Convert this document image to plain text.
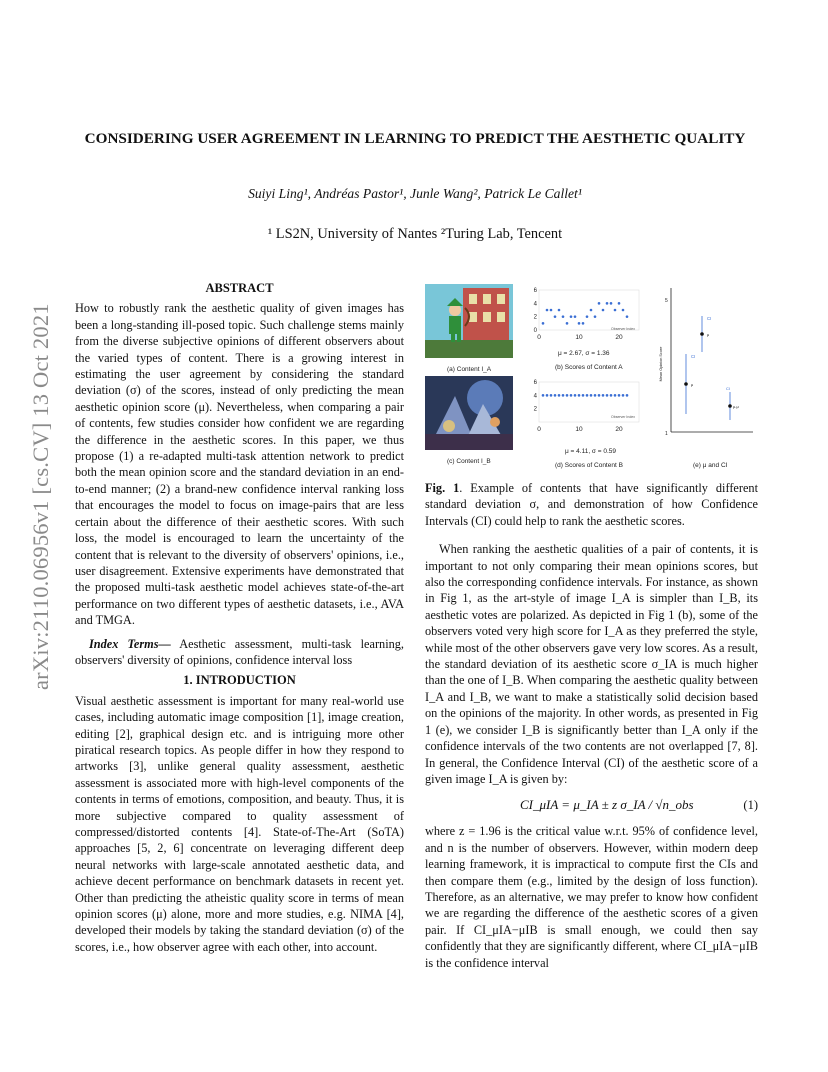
arXiv:2110.06956v1 [cs.CV] 13 Oct 2021
CONSIDERING USER AGREEMENT IN LEARNING TO PREDICT THE AESTHETIC QUALITY
Suiyi Ling¹, Andréas Pastor¹, Junle Wang², Patrick Le Callet¹
¹ LS2N, University of Nantes ²Turing Lab, Tencent
ABSTRACT

How to robustly rank the aesthetic quality of given images has been a long-standing ill-posed topic. Such challenge stems mainly from the diverse subjective opinions of different observers about the varied types of content. There is a growing interest in estimating the user agreement by considering the standard deviation (σ) of the scores, instead of only predicting the mean aesthetic opinion score (μ). Nevertheless, when comparing a pair of contents, few studies consider how confident we are regarding the difference in the aesthetic scores. In this paper, we thus propose (1) a re-adapted multi-task attention network to predict both the mean opinion score and the standard deviation in an end-to-end manner; (2) a brand-new confidence interval ranking loss that encourages the model to focus on image-pairs that are less certain about the difference of their aesthetic scores. With such loss, the model is encouraged to learn the uncertainty of the content that is relevant to the diversity of observers' opinions, i.e., user disagreement. Extensive experiments have demonstrated that the proposed multi-task aesthetic model achieves state-of-the-art performance on two different types of aesthetic datasets, i.e., AVA and TMGA.

Index Terms— Aesthetic assessment, multi-task learning, observers' diversity of opinions, confidence interval loss

1. INTRODUCTION

Visual aesthetic assessment is important for many real-world use cases, including automatic image composition [1], image creation, editing [2], graphical design etc. and is intriguing more other piratical research topics. As people differ in how they respond to artworks [3], unlike general quality assessment, aesthetic assessment is associated more with high-level components of the contents in terms of emotions, composition, and beauty. Thus, it is more subjective compared to quality assessment of compressed/distorted contents [4]. State-of-The-Art (SoTA) approaches [5, 2, 6] concentrate on leveraging different deep neural networks with large-scale annotated aesthetic data, and achieve decent performance on benchmark datasets in recent yet. Other than predicting the atheistic quality score in terms of mean opinion scores (μ) alone, more and more studies, e.g. NIMA [4], developed their models by taking the standard deviation (σ) of the scores, i.e., how observer agree with each other, into account.

(a) Content I_A
(c) Content I_B
0
2
4
6
0	10	20
Observer Index
μ = 2.67, σ = 1.36
(b) Scores of Content A
2
4
6
0	10	20
Observer Index
μ = 4.11, σ = 0.59
(d) Scores of Content B
5
1
Mean Opinion Score
CI
μ
CI
μ
CI
μ-μ
(e) μ and CI

Fig. 1. Example of contents that have significantly different standard deviation σ, and demonstration of how Confidence Intervals (CI) could help to rank the aesthetic scores.

When ranking the aesthetic qualities of a pair of contents, it is important to not only comparing their mean opinions scores, but also the corresponding confidence intervals. For instance, as shown in Fig 1, as the art-style of image I_A is simpler than I_B, its aesthetic votes are polarized. As depicted in Fig 1 (b), some of the observers voted very high score for I_A as they preferred the style, while most of the other observers gave very low scores. As a result, the standard deviation of its aesthetic score σ_IA is much higher than the one of I_B. When comparing the aesthetic quality between I_A and I_B, we want to make a statistically solid decision based on the opinions of the majority. In other words, as presented in Fig 1 (e), we consider I_B is significantly better than I_A only if the confidence intervals of the two contents are not overlapped [7, 8]. In general, the Confidence Interval (CI) of the aesthetic score of a given image I_A is given by:

CI_μIA = μ_IA ± z σ_IA / √n_obs	(1)

where z = 1.96 is the critical value w.r.t. 95% of confidence level, and n is the number of observers. However, within modern deep learning framework, it is impractical to compute first the CIs and then compare them (e.g., limited by the design of loss function). Therefore, as an alternative, we may prefer to know how confident we are regarding the difference of the aesthetic scores of a given pair. If CI_μIA−μIB is small enough, we could then say confidently that they are significantly different, where CI_μIA−μIB is the confidence interval
